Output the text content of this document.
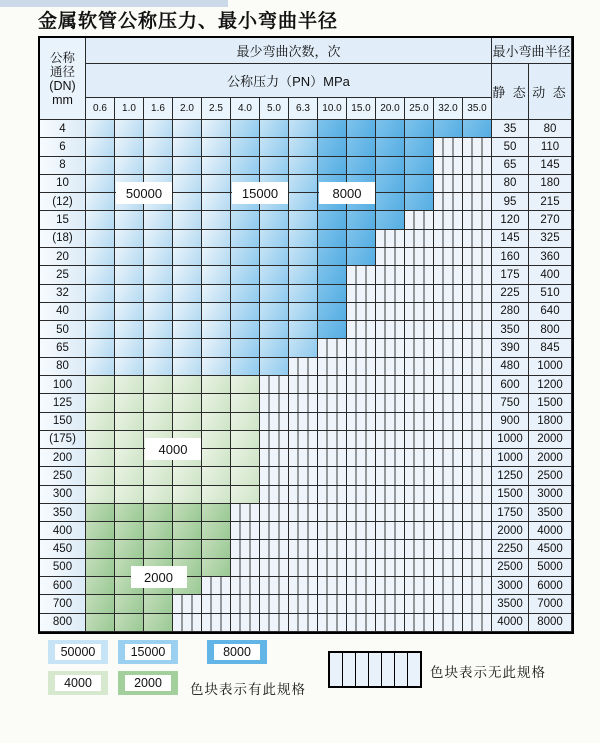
金属软管公称压力、最小弯曲半径
公称
通径
(DN)
mm
最少弯曲次数，次	最小弯曲半径
公称压力（PN）MPa
静 态 动 态
0.6	1.0	1.6	2.0	2.5	4.0	5.0	6.3	10.0 15.0 20.0 25.0 32.0 35.0
4	35	80
6	50	110
8	65	145
10	80	180
(12)	95	215
15	120	270
(18)	145	325
20	160	360
25	175	400
32	225	510
40	280	640
50	350	800
65	390	845
80	480	1000
100	600	1200
125	750	1500
150	900	1800
(175)	1000	2000
200	1000	2000
250	1250	2500
300	1500	3000
350	1750	3500
400	2000	4000
450	2250	4500
500	2500	5000
600	3000	6000
700	3500	7000
800	4000	8000
50000	15000	8000
4000
2000
50000	15000	8000
4000	2000	色块表示有此规格
色块表示无此规格
